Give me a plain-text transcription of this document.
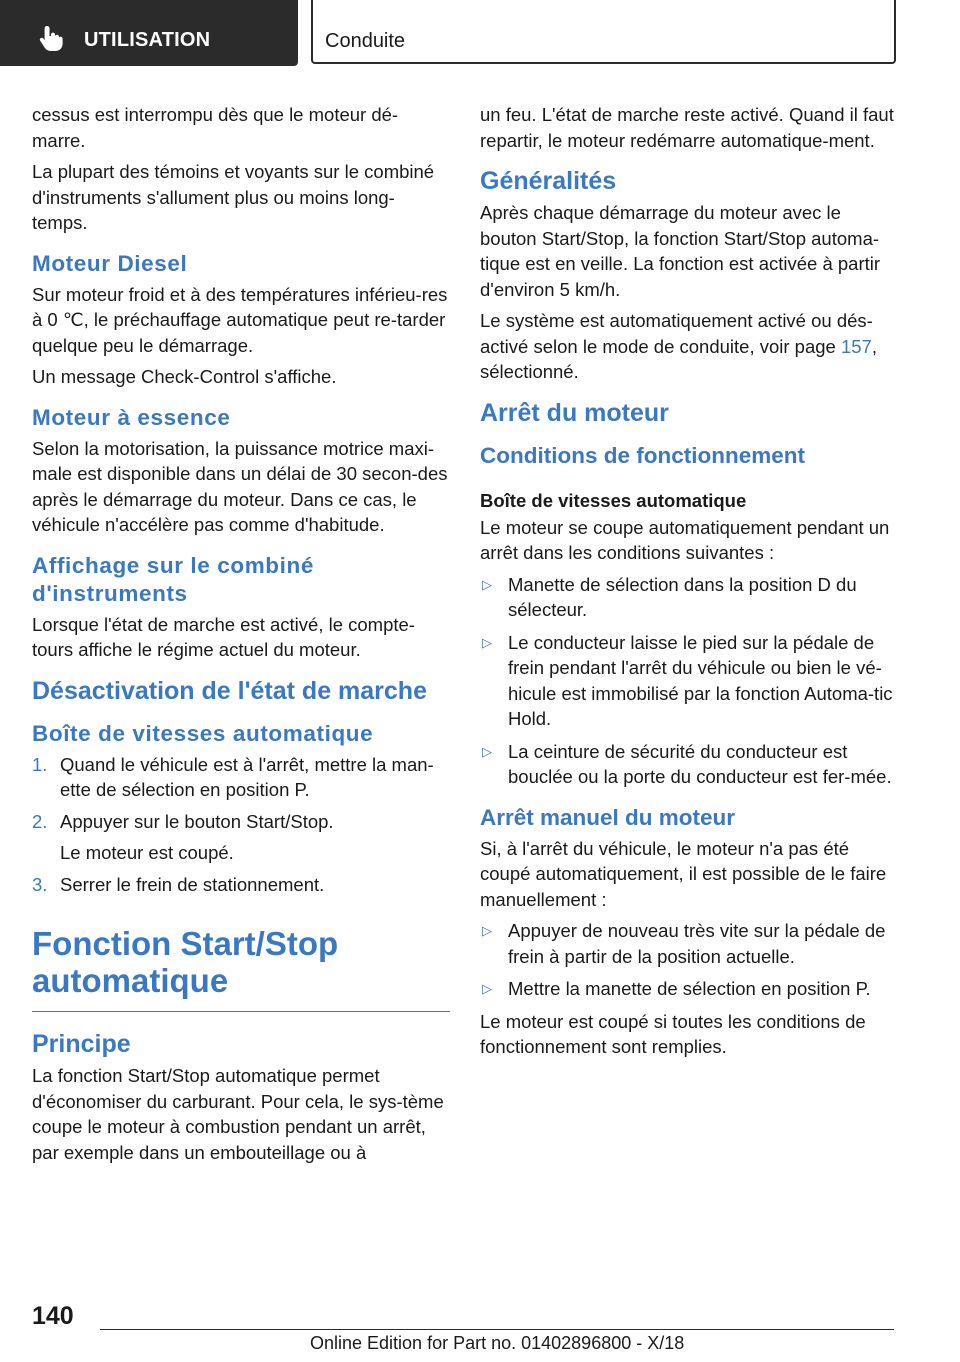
UTILISATION	Conduite

cessus est interrompu dès que le moteur dé-marre.

La plupart des témoins et voyants sur le combiné d'instruments s'allument plus ou moins long-temps.

Moteur Diesel

Sur moteur froid et à des températures inférieu-res à 0 ℃, le préchauffage automatique peut re-tarder quelque peu le démarrage.

Un message Check-Control s'affiche.

Moteur à essence

Selon la motorisation, la puissance motrice maxi-male est disponible dans un délai de 30 secon-des après le démarrage du moteur. Dans ce cas, le véhicule n'accélère pas comme d'habitude.

Affichage sur le combiné d'instruments

Lorsque l'état de marche est activé, le compte-tours affiche le régime actuel du moteur.

Désactivation de l'état de marche
Boîte de vitesses automatique
1. Quand le véhicule est à l'arrêt, mettre la man-ette de sélection en position P.
2. Appuyer sur le bouton Start/Stop.
Le moteur est coupé.
3. Serrer le frein de stationnement.
Fonction Start/Stop automatique
Principe

La fonction Start/Stop automatique permet d'économiser du carburant. Pour cela, le sys-tème coupe le moteur à combustion pendant un arrêt, par exemple dans un embouteillage ou à

un feu. L'état de marche reste activé. Quand il faut repartir, le moteur redémarre automatique-ment.

Généralités

Après chaque démarrage du moteur avec le bouton Start/Stop, la fonction Start/Stop automa-tique est en veille. La fonction est activée à partir d'environ 5 km/h.

Le système est automatiquement activé ou dés-activé selon le mode de conduite, voir page 157, sélectionné.

Arrêt du moteur
Conditions de fonctionnement
Boîte de vitesses automatique

Le moteur se coupe automatiquement pendant un arrêt dans les conditions suivantes :

▷ Manette de sélection dans la position D du sélecteur.
▷ Le conducteur laisse le pied sur la pédale de frein pendant l'arrêt du véhicule ou bien le vé-hicule est immobilisé par la fonction Automa-tic Hold.
▷ La ceinture de sécurité du conducteur est bouclée ou la porte du conducteur est fer-mée.
Arrêt manuel du moteur

Si, à l'arrêt du véhicule, le moteur n'a pas été coupé automatiquement, il est possible de le faire manuellement :

▷ Appuyer de nouveau très vite sur la pédale de frein à partir de la position actuelle.
▷ Mettre la manette de sélection en position P.

Le moteur est coupé si toutes les conditions de fonctionnement sont remplies.

140
Online Edition for Part no. 01402896800 - X/18
